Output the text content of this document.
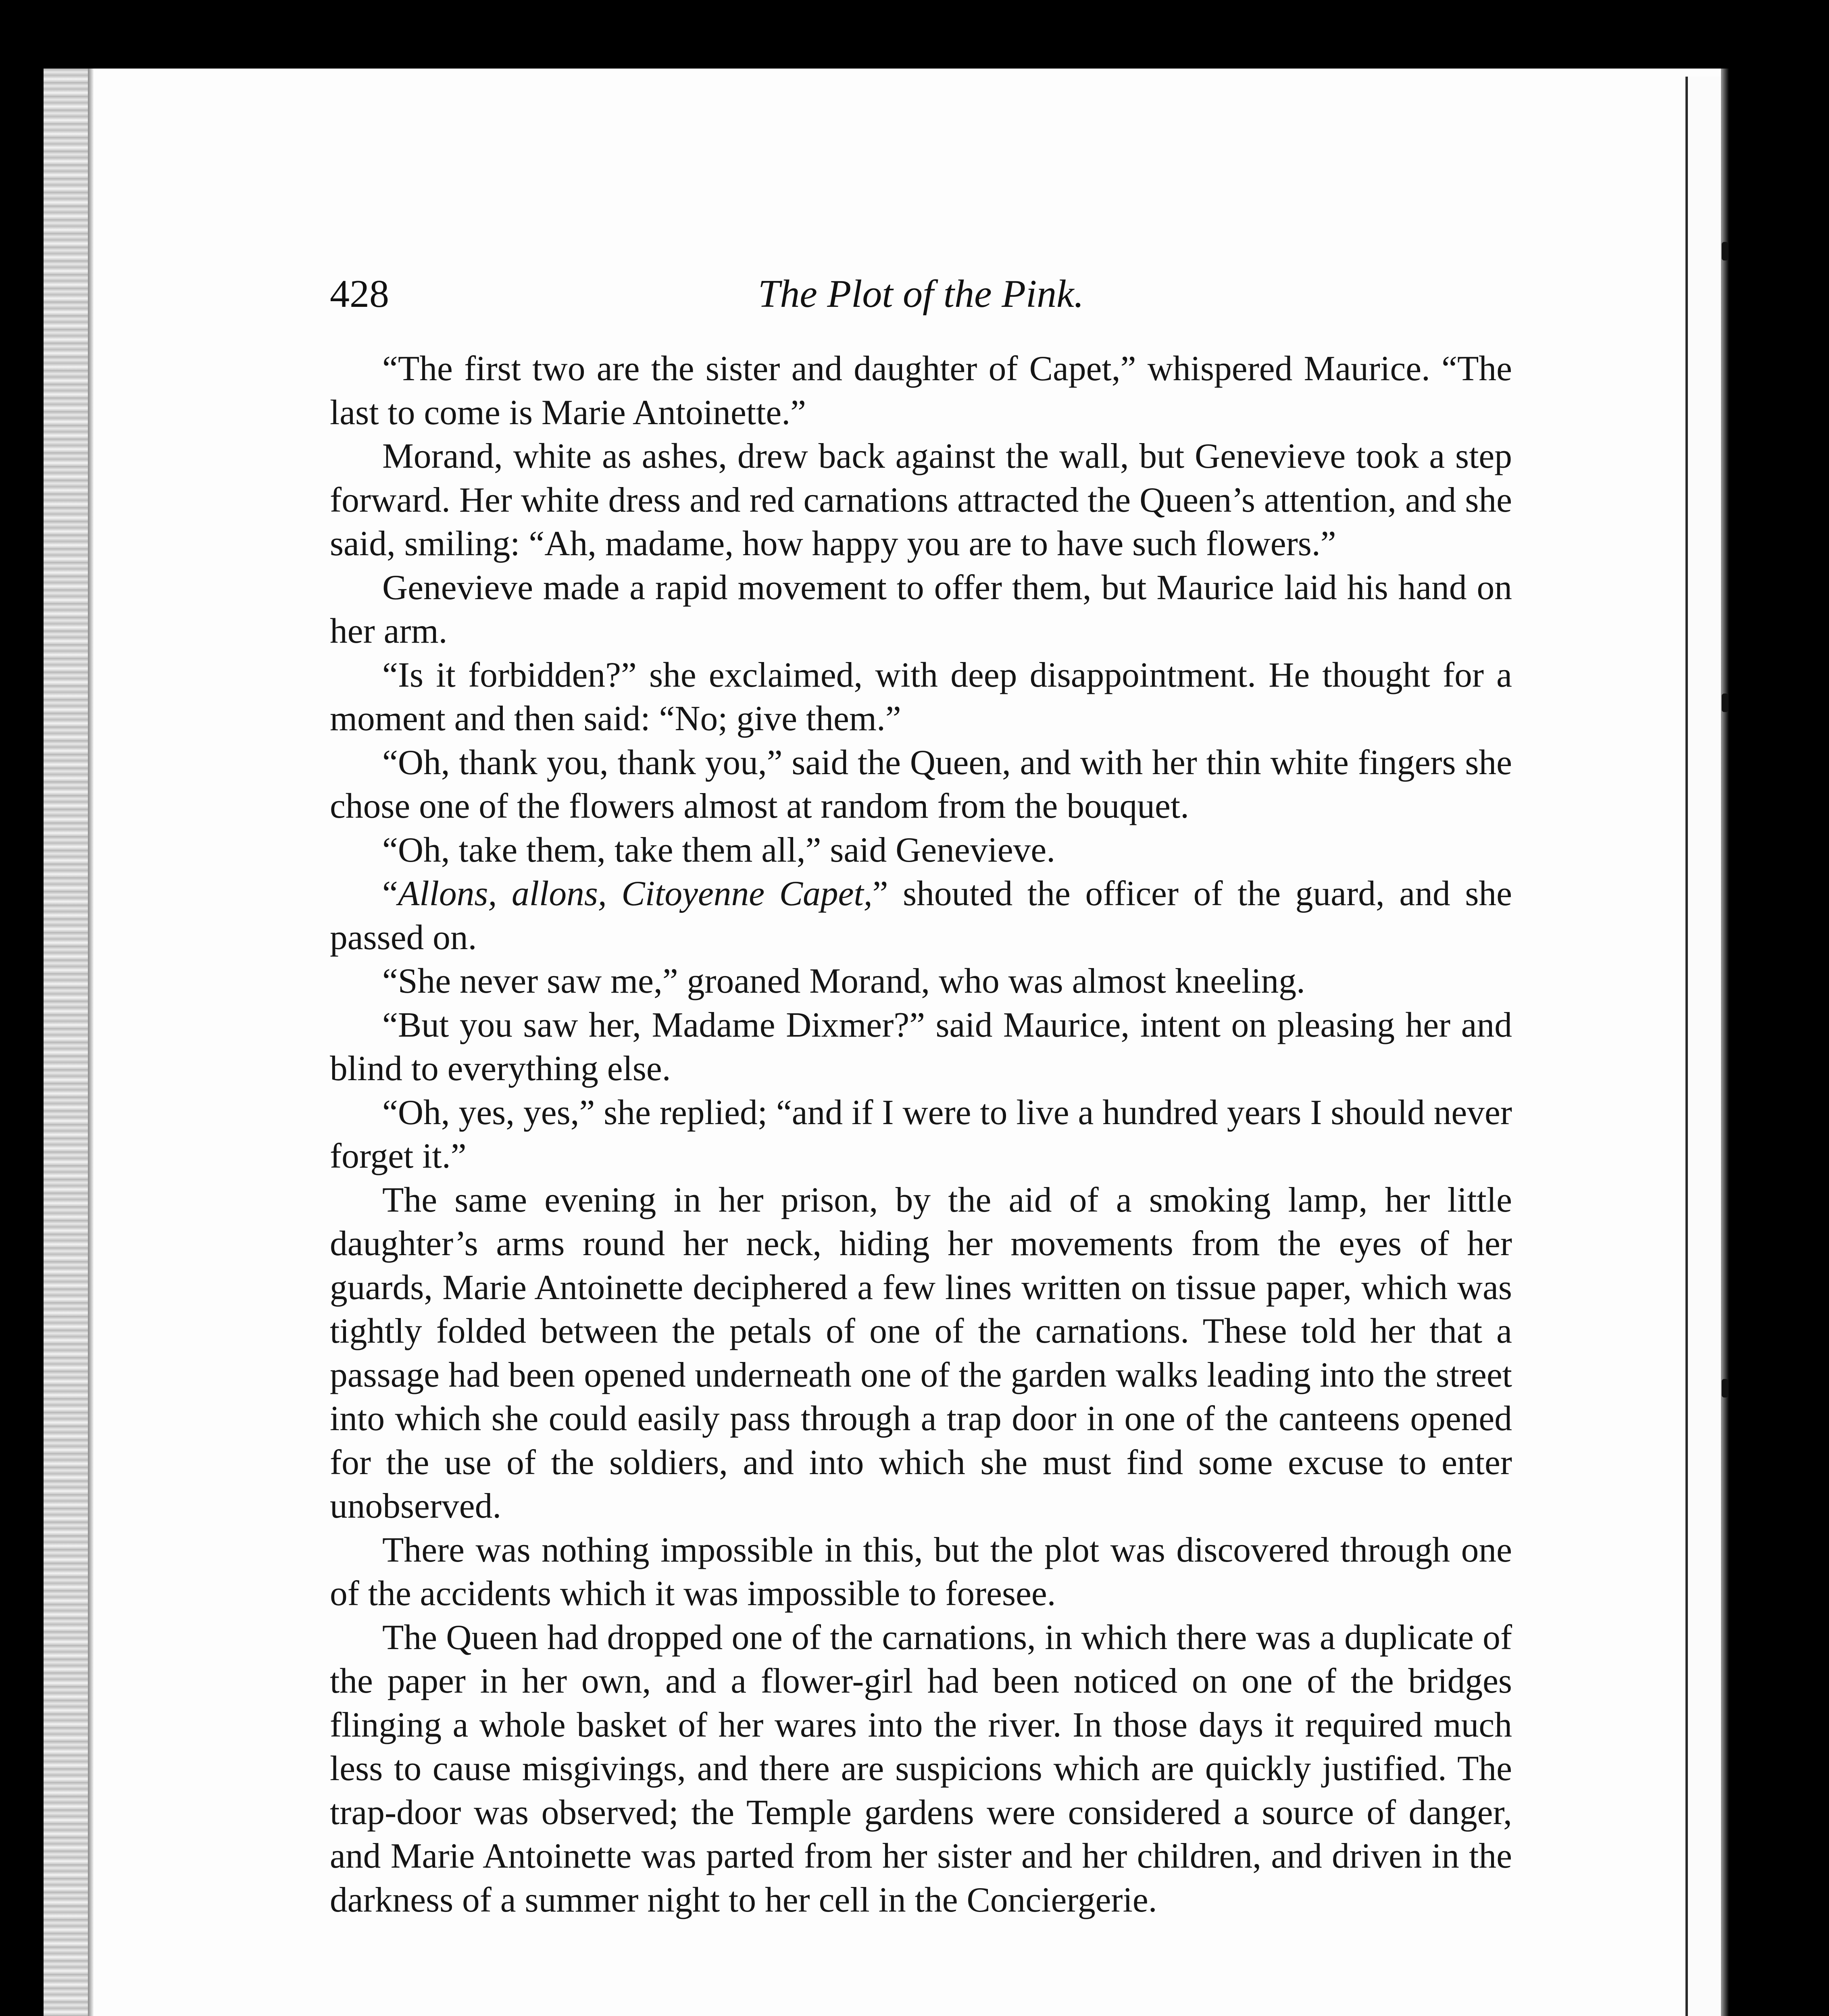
428	The Plot of the Pink.

“The first two are the sister and daughter of Capet,” whispered Maurice. “The last to come is Marie Antoinette.”

Morand, white as ashes, drew back against the wall, but Genevieve took a step forward. Her white dress and red carnations attracted the Queen’s attention, and she said, smiling: “Ah, madame, how happy you are to have such flowers.”

Genevieve made a rapid movement to offer them, but Maurice laid his hand on her arm.

“Is it forbidden?” she exclaimed, with deep disappointment. He thought for a moment and then said: “No; give them.”

“Oh, thank you, thank you,” said the Queen, and with her thin white fingers she chose one of the flowers almost at random from the bouquet.

“Oh, take them, take them all,” said Genevieve.

“Allons, allons, Citoyenne Capet,” shouted the officer of the guard, and she passed on.

“She never saw me,” groaned Morand, who was almost kneeling.

“But you saw her, Madame Dixmer?” said Maurice, intent on pleasing her and blind to everything else.

“Oh, yes, yes,” she replied; “and if I were to live a hundred years I should never forget it.”

The same evening in her prison, by the aid of a smoking lamp, her little daughter’s arms round her neck, hiding her movements from the eyes of her guards, Marie Antoinette deciphered a few lines written on tissue paper, which was tightly folded between the petals of one of the carnations. These told her that a passage had been opened underneath one of the garden walks leading into the street into which she could easily pass through a trap door in one of the canteens opened for the use of the soldiers, and into which she must find some excuse to enter unobserved.

There was nothing impossible in this, but the plot was discovered through one of the accidents which it was impossible to foresee.

The Queen had dropped one of the carnations, in which there was a duplicate of the paper in her own, and a flower-girl had been noticed on one of the bridges flinging a whole basket of her wares into the river. In those days it required much less to cause misgivings, and there are suspicions which are quickly justified. The trap-door was observed; the Temple gardens were considered a source of danger, and Marie Antoinette was parted from her sister and her children, and driven in the darkness of a summer night to her cell in the Conciergerie.
